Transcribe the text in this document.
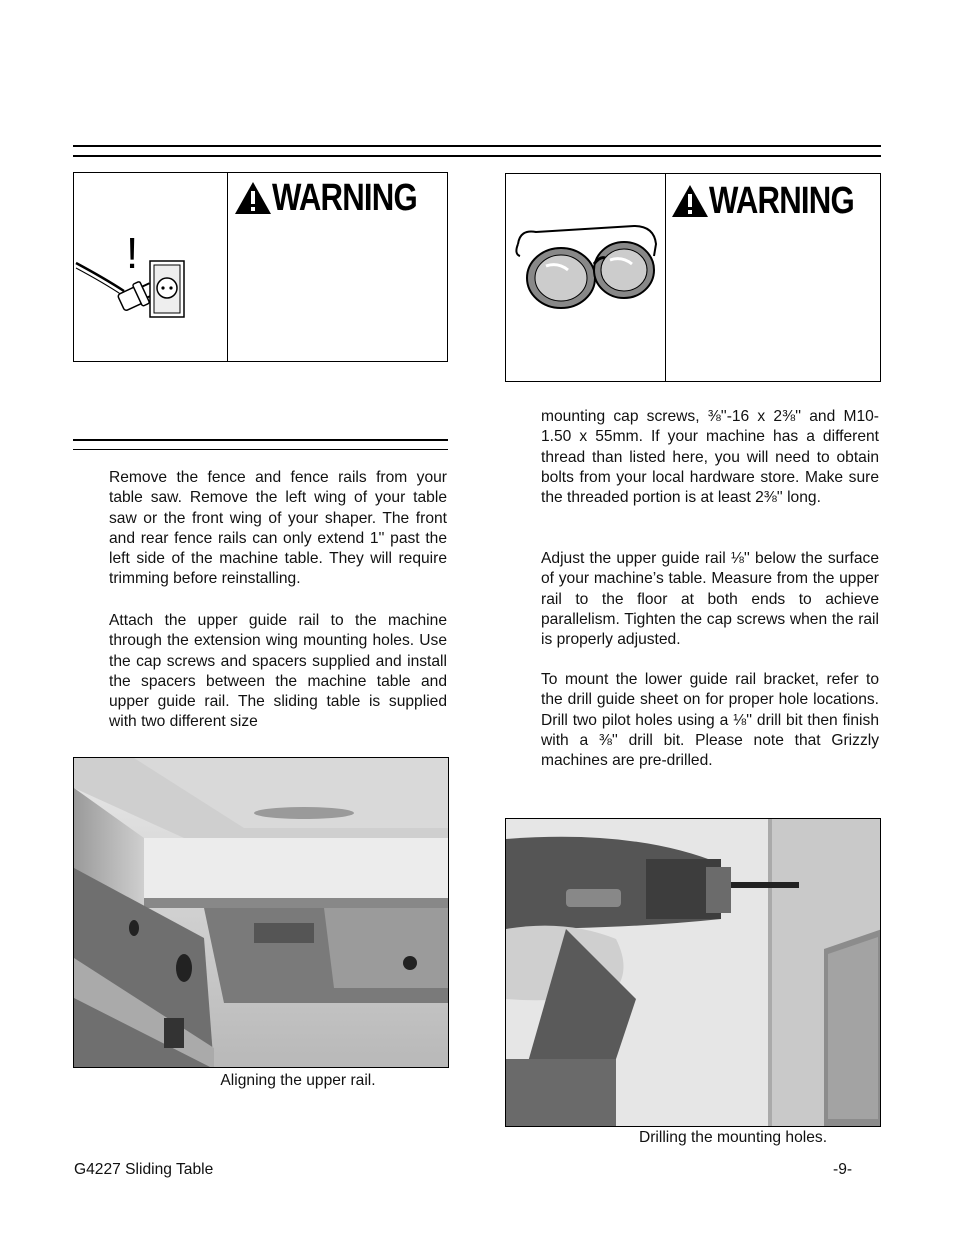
!
WARNING	WARNING

Remove the fence and fence rails from your table saw. Remove the left wing of your table saw or the front wing of your shaper. The front and rear fence rails can only extend 1'' past the left side of the machine table. They will require trimming before reinstalling.

Attach the upper guide rail to the machine through the extension wing mounting holes. Use the cap screws and spacers supplied and install the spacers between the machine table and upper guide rail. The sliding table is supplied with two different size

Aligning the upper rail.

mounting cap screws, ⅜''-16 x 2⅜'' and M10-1.50 x 55mm. If your machine has a different thread than listed here, you will need to obtain bolts from your local hardware store. Make sure the threaded portion is at least 2⅜'' long.

Adjust the upper guide rail ⅛'' below the surface of your machine’s table. Measure from the upper rail to the floor at both ends to achieve parallelism. Tighten the cap screws when the rail is properly adjusted.

To mount the lower guide rail bracket, refer to the drill guide sheet on for proper hole locations. Drill two pilot holes using a ⅛'' drill bit then finish with a ⅜'' drill bit. Please note that Grizzly machines are pre-drilled.

Drilling the mounting holes.
G4227 Sliding Table	-9-
